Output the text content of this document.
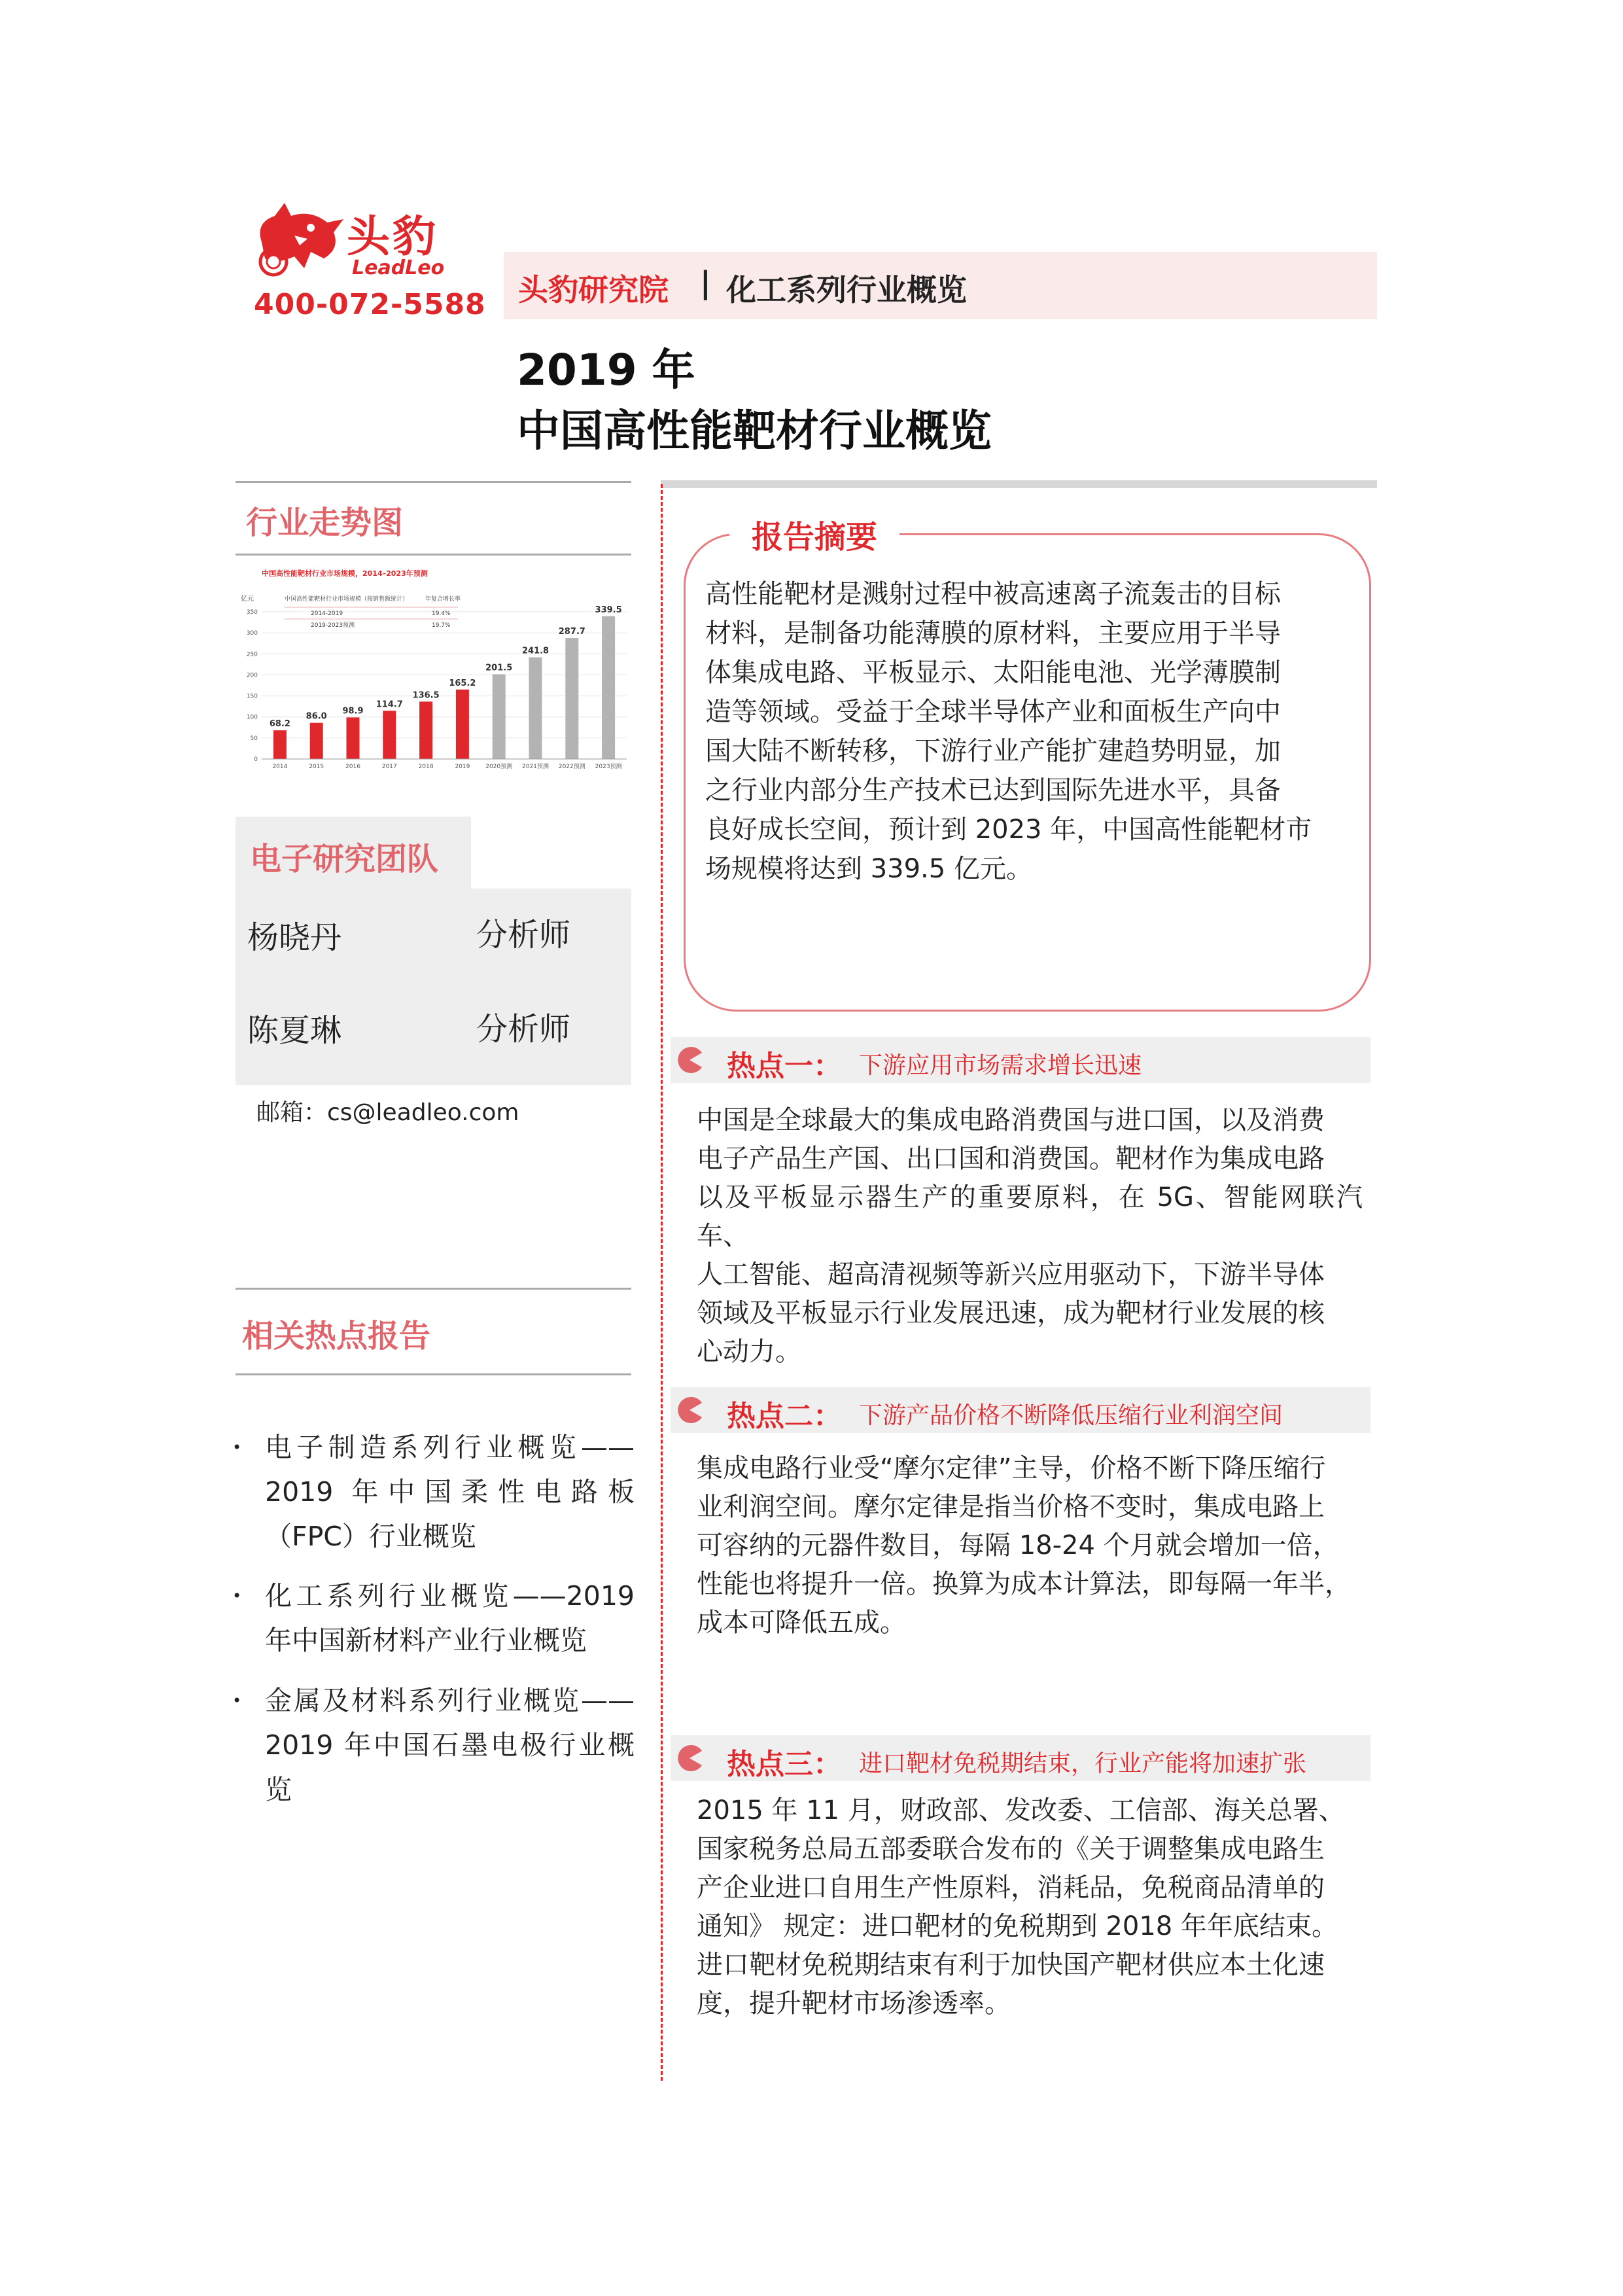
头豹
LeadLeo
400-072-5588 头豹研究院 | 化工系列行业概览
2019 年
中国高性能靶材行业概览
行业走势图
中国高性能靶材行业市场规模，2014–2023年预测
亿元
0
50
100
150
200
250
300
350
68.2
2014
86.0
2015
98.9
2016
114.7
2017
136.5
2018
165.2
2019
201.5
2020预测
241.8
2021预测
287.7
2022预测
339.5
2023预测
中国高性能靶材行业市场规模（按销售额统计）	年复合增长率
2014-2019	19.4%
2019-2023预测	19.7%
电子研究团队
杨晓丹	分析师
陈夏琳	分析师
邮箱：cs@leadleo.com
相关热点报告
• 电子制造系列行业概览——2019 年中国柔性电路板（FPC）行业概览
• 化工系列行业概览——2019 年中国新材料产业行业概览
• 金属及材料系列行业概览——2019 年中国石墨电极行业概览
报告摘要
高性能靶材是溅射过程中被高速离子流轰击的目标
材料，是制备功能薄膜的原材料，主要应用于半导
体集成电路、平板显示、太阳能电池、光学薄膜制
造等领域。受益于全球半导体产业和面板生产向中
国大陆不断转移，下游行业产能扩建趋势明显，加
之行业内部分生产技术已达到国际先进水平，具备
良好成长空间，预计到 2023 年，中国高性能靶材市
场规模将达到 339.5 亿元。
热点一： 下游应用市场需求增长迅速
中国是全球最大的集成电路消费国与进口国，以及消费
电子产品生产国、出口国和消费国。靶材作为集成电路
以及平板显示器生产的重要原料，在 5G、智能网联汽车、
人工智能、超高清视频等新兴应用驱动下，下游半导体
领域及平板显示行业发展迅速，成为靶材行业发展的核
心动力。
热点二： 下游产品价格不断降低压缩行业利润空间
集成电路行业受“摩尔定律”主导，价格不断下降压缩行
业利润空间。摩尔定律是指当价格不变时，集成电路上
可容纳的元器件数目，每隔 18-24 个月就会增加一倍，
性能也将提升一倍。换算为成本计算法，即每隔一年半，
成本可降低五成。
热点三： 进口靶材免税期结束，行业产能将加速扩张
2015 年 11 月，财政部、发改委、工信部、海关总署、
国家税务总局五部委联合发布的《关于调整集成电路生
产企业进口自用生产性原料，消耗品，免税商品清单的
通知》 规定：进口靶材的免税期到 2018 年年底结束。
进口靶材免税期结束有利于加快国产靶材供应本土化速
度，提升靶材市场渗透率。
